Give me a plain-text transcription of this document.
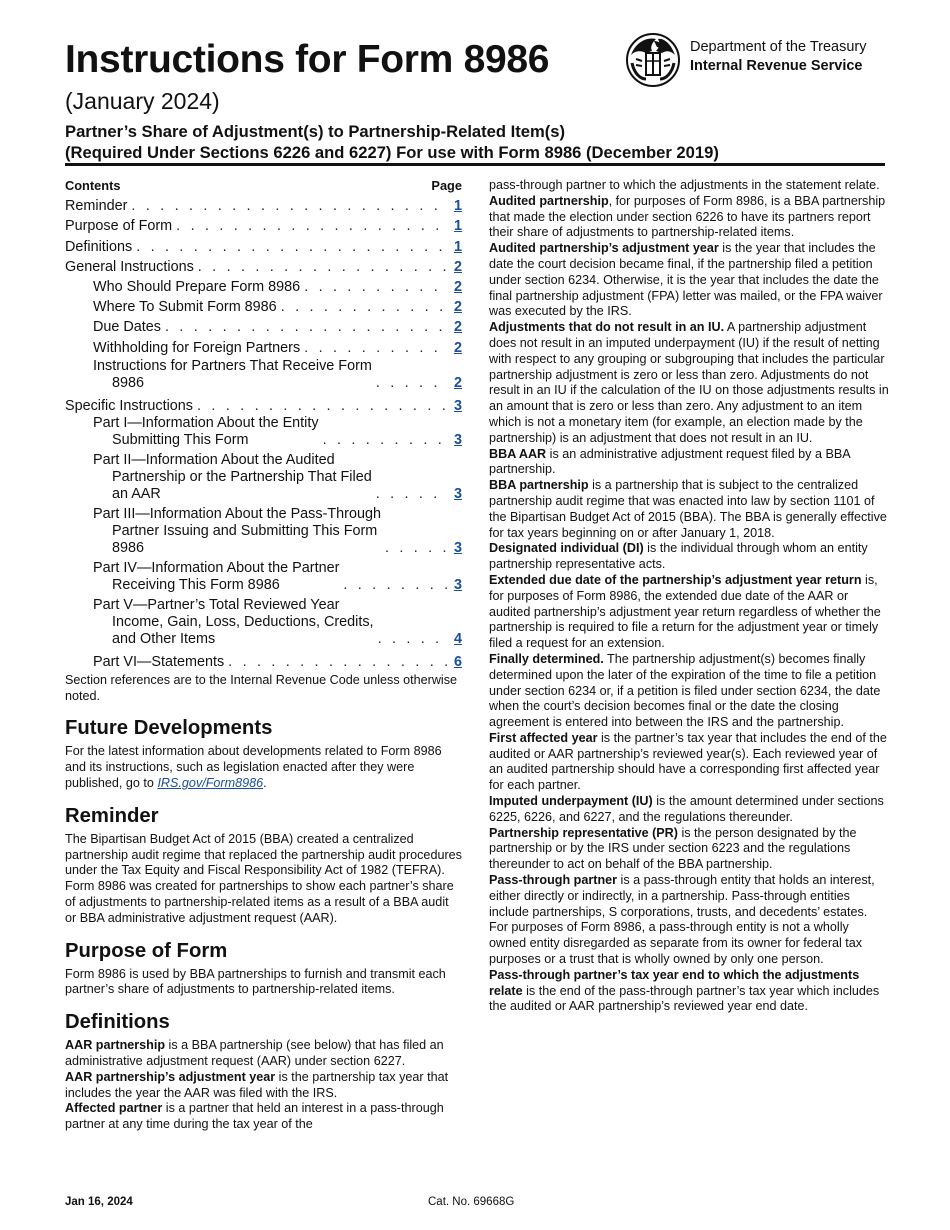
Instructions for Form 8986
(January 2024)
Department of the Treasury
Internal Revenue Service
Partner’s Share of Adjustment(s) to Partnership-Related Item(s)
(Required Under Sections 6226 and 6227) For use with Form 8986 (December 2019)
Contents	Page
Reminder . . .	1
Purpose of Form . . .	1
Definitions . . .	1
General Instructions . . .	2
Who Should Prepare Form 8986 . . .	2
Where To Submit Form 8986 . . .	2
Due Dates . . .	2
Withholding for Foreign Partners . . .	2
Instructions for Partners That Receive Form
8986 . . .	2
Specific Instructions . . .	3
Part I—Information About the Entity
Submitting This Form . . .	3
Part II—Information About the Audited
Partnership or the Partnership That Filed
an AAR . . .	3
Part III—Information About the Pass-Through
Partner Issuing and Submitting This Form
8986 . . .	3
Part IV—Information About the Partner
Receiving This Form 8986 . . .	3
Part V—Partner’s Total Reviewed Year
Income, Gain, Loss, Deductions, Credits,
and Other Items . . .	4
Part VI—Statements . . .	6

Section references are to the Internal Revenue Code unless otherwise noted.

Future Developments

For the latest information about developments related to Form 8986 and its instructions, such as legislation enacted after they were published, go to IRS.gov/Form8986.

Reminder

The Bipartisan Budget Act of 2015 (BBA) created a centralized partnership audit regime that replaced the partnership audit procedures under the Tax Equity and Fiscal Responsibility Act of 1982 (TEFRA). Form 8986 was created for partnerships to show each partner’s share of adjustments to partnership-related items as a result of a BBA audit or BBA administrative adjustment request (AAR).

Purpose of Form

Form 8986 is used by BBA partnerships to furnish and transmit each partner’s share of adjustments to partnership-related items.

Definitions

AAR partnership is a BBA partnership (see below) that has filed an administrative adjustment request (AAR) under section 6227.

AAR partnership’s adjustment year is the partnership tax year that includes the year the AAR was filed with the IRS.

Affected partner is a partner that held an interest in a pass-through partner at any time during the tax year of the

pass-through partner to which the adjustments in the statement relate.

Audited partnership, for purposes of Form 8986, is a BBA partnership that made the election under section 6226 to have its partners report their share of adjustments to partnership-related items.

Audited partnership’s adjustment year is the year that includes the date the court decision became final, if the partnership filed a petition under section 6234. Otherwise, it is the year that includes the date the final partnership adjustment (FPA) letter was mailed, or the FPA waiver was executed by the IRS.

Adjustments that do not result in an IU. A partnership adjustment does not result in an imputed underpayment (IU) if the result of netting with respect to any grouping or subgrouping that includes the particular partnership adjustment is zero or less than zero. Adjustments do not result in an IU if the calculation of the IU on those adjustments results in an amount that is zero or less than zero. Any adjustment to an item which is not a monetary item (for example, an election made by the partnership) is an adjustment that does not result in an IU.

BBA AAR is an administrative adjustment request filed by a BBA partnership.

BBA partnership is a partnership that is subject to the centralized partnership audit regime that was enacted into law by section 1101 of the Bipartisan Budget Act of 2015 (BBA). The BBA is generally effective for tax years beginning on or after January 1, 2018.

Designated individual (DI) is the individual through whom an entity partnership representative acts.

Extended due date of the partnership’s adjustment year return is, for purposes of Form 8986, the extended due date of the AAR or audited partnership’s adjustment year return regardless of whether the partnership is required to file a return for the adjustment year or timely filed a request for an extension.

Finally determined. The partnership adjustment(s) becomes finally determined upon the later of the expiration of the time to file a petition under section 6234 or, if a petition is filed under section 6234, the date when the court’s decision becomes final or the date the closing agreement is entered into between the IRS and the partnership.

First affected year is the partner’s tax year that includes the end of the audited or AAR partnership’s reviewed year(s). Each reviewed year of an audited partnership should have a corresponding first affected year for each partner.

Imputed underpayment (IU) is the amount determined under sections 6225, 6226, and 6227, and the regulations thereunder.

Partnership representative (PR) is the person designated by the partnership or by the IRS under section 6223 and the regulations thereunder to act on behalf of the BBA partnership.

Pass-through partner is a pass-through entity that holds an interest, either directly or indirectly, in a partnership. Pass-through entities include partnerships, S corporations, trusts, and decedents’ estates. For purposes of Form 8986, a pass-through entity is not a wholly owned entity disregarded as separate from its owner for federal tax purposes or a trust that is wholly owned by only one person.

Pass-through partner’s tax year end to which the adjustments relate is the end of the pass-through partner’s tax year which includes the audited or AAR partnership’s reviewed year end date.

Jan 16, 2024	Cat. No. 69668G
